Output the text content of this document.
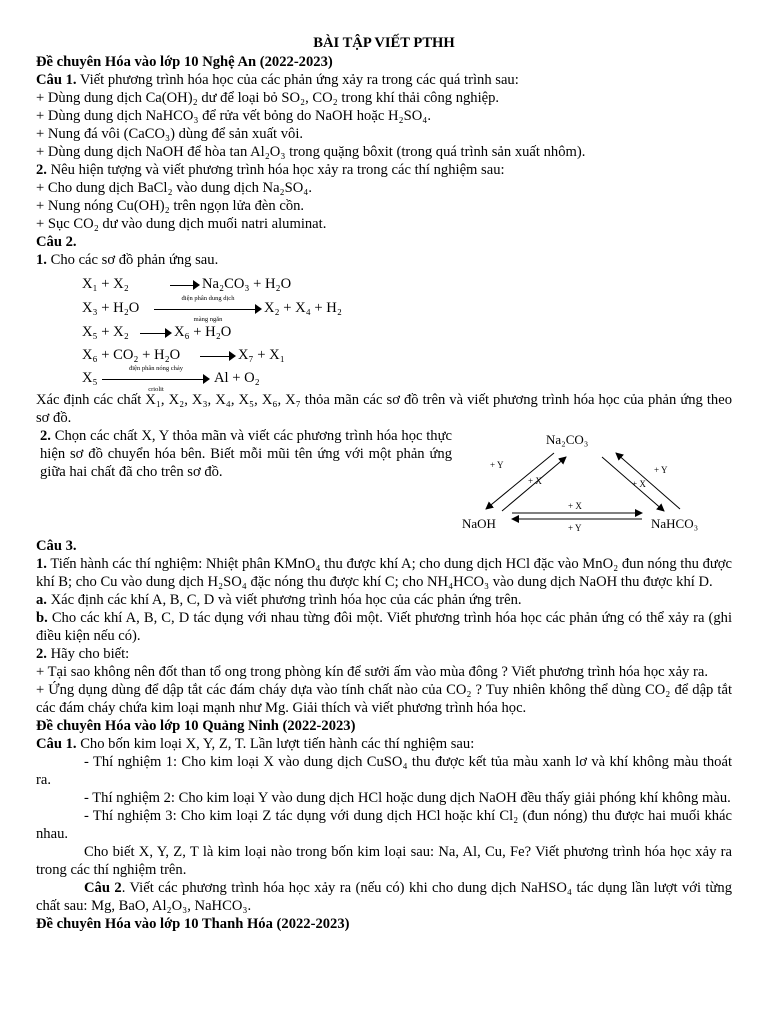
BÀI TẬP VIẾT PTHH
Đề chuyên Hóa vào lớp 10 Nghệ An (2022-2023)
Câu 1. Viết phương trình hóa học của các phản ứng xảy ra trong các quá trình sau:
+ Dùng dung dịch Ca(OH)₂ dư để loại bỏ SO₂, CO₂ trong khí thải công nghiệp.
+ Dùng dung dịch NaHCO₃ để rửa vết bỏng do NaOH hoặc H₂SO₄.
+ Nung đá vôi (CaCO₃) dùng để sản xuất vôi.
+ Dùng dung dịch NaOH để hòa tan Al₂O₃ trong quặng bôxit (trong quá trình sản xuất nhôm).
2. Nêu hiện tượng và viết phương trình hóa học xảy ra trong các thí nghiệm sau:
+ Cho dung dịch BaCl₂ vào dung dịch Na₂SO₄.
+ Nung nóng Cu(OH)₂ trên ngọn lửa đèn cồn.
+ Sục CO₂ dư vào dung dịch muối natri aluminat.
Câu 2.
1. Cho các sơ đồ phản ứng sau.
X₁ + X₂	Na₂CO₃ + H₂O
X₃ + H₂O
điện phân dung dịch
màng ngăn
X₂ + X₄ + H₂
X₅ + X₂	X₆ + H₂O
X₆ + CO₂ + H₂O	X₇ + X₁
X₅
điện phân nóng chảy
criolit
Al + O₂
Xác định các chất X₁, X₂, X₃, X₄, X₅, X₆, X₇ thỏa mãn các sơ đồ trên và viết phương trình hóa học của phản ứng theo sơ đồ.
2. Chọn các chất X, Y thỏa mãn và viết các phương trình hóa học thực hiện sơ đồ chuyển hóa bên. Biết mỗi mũi tên ứng với một phản ứng giữa hai chất đã cho trên sơ đồ.
Na₂CO₃
NaOH	NaHCO₃
+ Y
+ X
+ Y
+ X
+ X
+ Y
Câu 3.
1. Tiến hành các thí nghiệm: Nhiệt phân KMnO₄ thu được khí A; cho dung dịch HCl đặc vào MnO₂ đun nóng thu được khí B; cho Cu vào dung dịch H₂SO₄ đặc nóng thu được khí C; cho NH₄HCO₃ vào dung dịch NaOH thu được khí D.
a. Xác định các khí A, B, C, D và viết phương trình hóa học của các phản ứng trên.
b. Cho các khí A, B, C, D tác dụng với nhau từng đôi một. Viết phương trình hóa học các phản ứng có thể xảy ra (ghi điều kiện nếu có).
2. Hãy cho biết:
+ Tại sao không nên đốt than tổ ong trong phòng kín để sưởi ấm vào mùa đông ? Viết phương trình hóa học xảy ra.
+ Ứng dụng dùng để dập tắt các đám cháy dựa vào tính chất nào của CO₂ ? Tuy nhiên không thể dùng CO₂ để dập tắt các đám cháy chứa kim loại mạnh như Mg. Giải thích và viết phương trình hóa học.
Đề chuyên Hóa vào lớp 10 Quảng Ninh (2022-2023)
Câu 1. Cho bốn kim loại X, Y, Z, T. Lần lượt tiến hành các thí nghiệm sau:
- Thí nghiệm 1: Cho kim loại X vào dung dịch CuSO₄ thu được kết tủa màu xanh lơ và khí không màu thoát ra.
- Thí nghiệm 2: Cho kim loại Y vào dung dịch HCl hoặc dung dịch NaOH đều thấy giải phóng khí không màu.
- Thí nghiệm 3: Cho kim loại Z tác dụng với dung dịch HCl hoặc khí Cl₂ (đun nóng) thu được hai muối khác nhau.
Cho biết X, Y, Z, T là kim loại nào trong bốn kim loại sau: Na, Al, Cu, Fe? Viết phương trình hóa học xảy ra trong các thí nghiệm trên.
Câu 2. Viết các phương trình hóa học xảy ra (nếu có) khi cho dung dịch NaHSO₄ tác dụng lần lượt với từng chất sau: Mg, BaO, Al₂O₃, NaHCO₃.
Đề chuyên Hóa vào lớp 10 Thanh Hóa (2022-2023)
